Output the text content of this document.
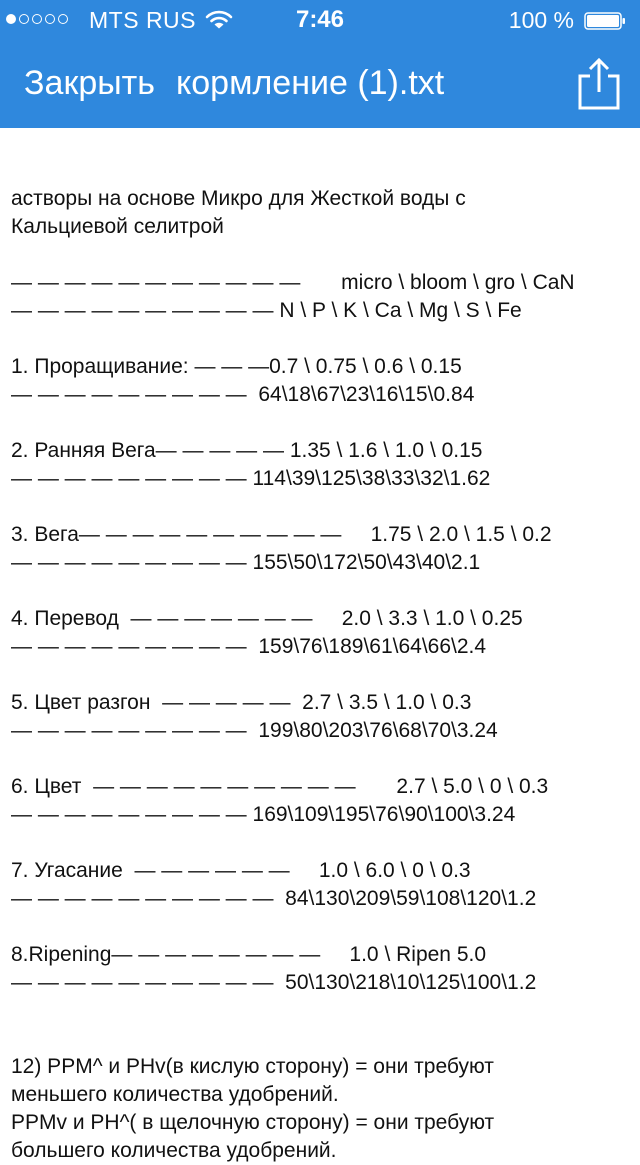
MTS RUS	7:46	100 %
Закрыть кормление (1).txt
астворы на основе Микро для Жесткой воды с
Кальциевой селитрой
— — — — — — — — — — —       micro \ bloom \ gro \ CaN
— — — — — — — — — — N \ P \ K \ Ca \ Mg \ S \ Fe
1. Проращивание: — — —0.7 \ 0.75 \ 0.6 \ 0.15
— — — — — — — — —  64\18\67\23\16\15\0.84
2. Ранняя Вега— — — — — 1.35 \ 1.6 \ 1.0 \ 0.15
— — — — — — — — — 114\39\125\38\33\32\1.62
3. Вега— — — — — — — — — —     1.75 \ 2.0 \ 1.5 \ 0.2
— — — — — — — — — 155\50\172\50\43\40\2.1
4. Перевод  — — — — — — —     2.0 \ 3.3 \ 1.0 \ 0.25
— — — — — — — — —  159\76\189\61\64\66\2.4
5. Цвет разгон  — — — — —  2.7 \ 3.5 \ 1.0 \ 0.3
— — — — — — — — —  199\80\203\76\68\70\3.24
6. Цвет  — — — — — — — — — —       2.7 \ 5.0 \ 0 \ 0.3
— — — — — — — — — 169\109\195\76\90\100\3.24
7. Угасание  — — — — — —     1.0 \ 6.0 \ 0 \ 0.3
— — — — — — — — — —  84\130\209\59\108\120\1.2
8.Ripening— — — — — — — —     1.0 \ Ripen 5.0
— — — — — — — — — —  50\130\218\10\125\100\1.2
12) PPM^ и PHv(в кислую сторону) = они требуют
меньшего количества удобрений.
PPMv и PH^( в щелочную сторону) = они требуют
большего количества удобрений.
